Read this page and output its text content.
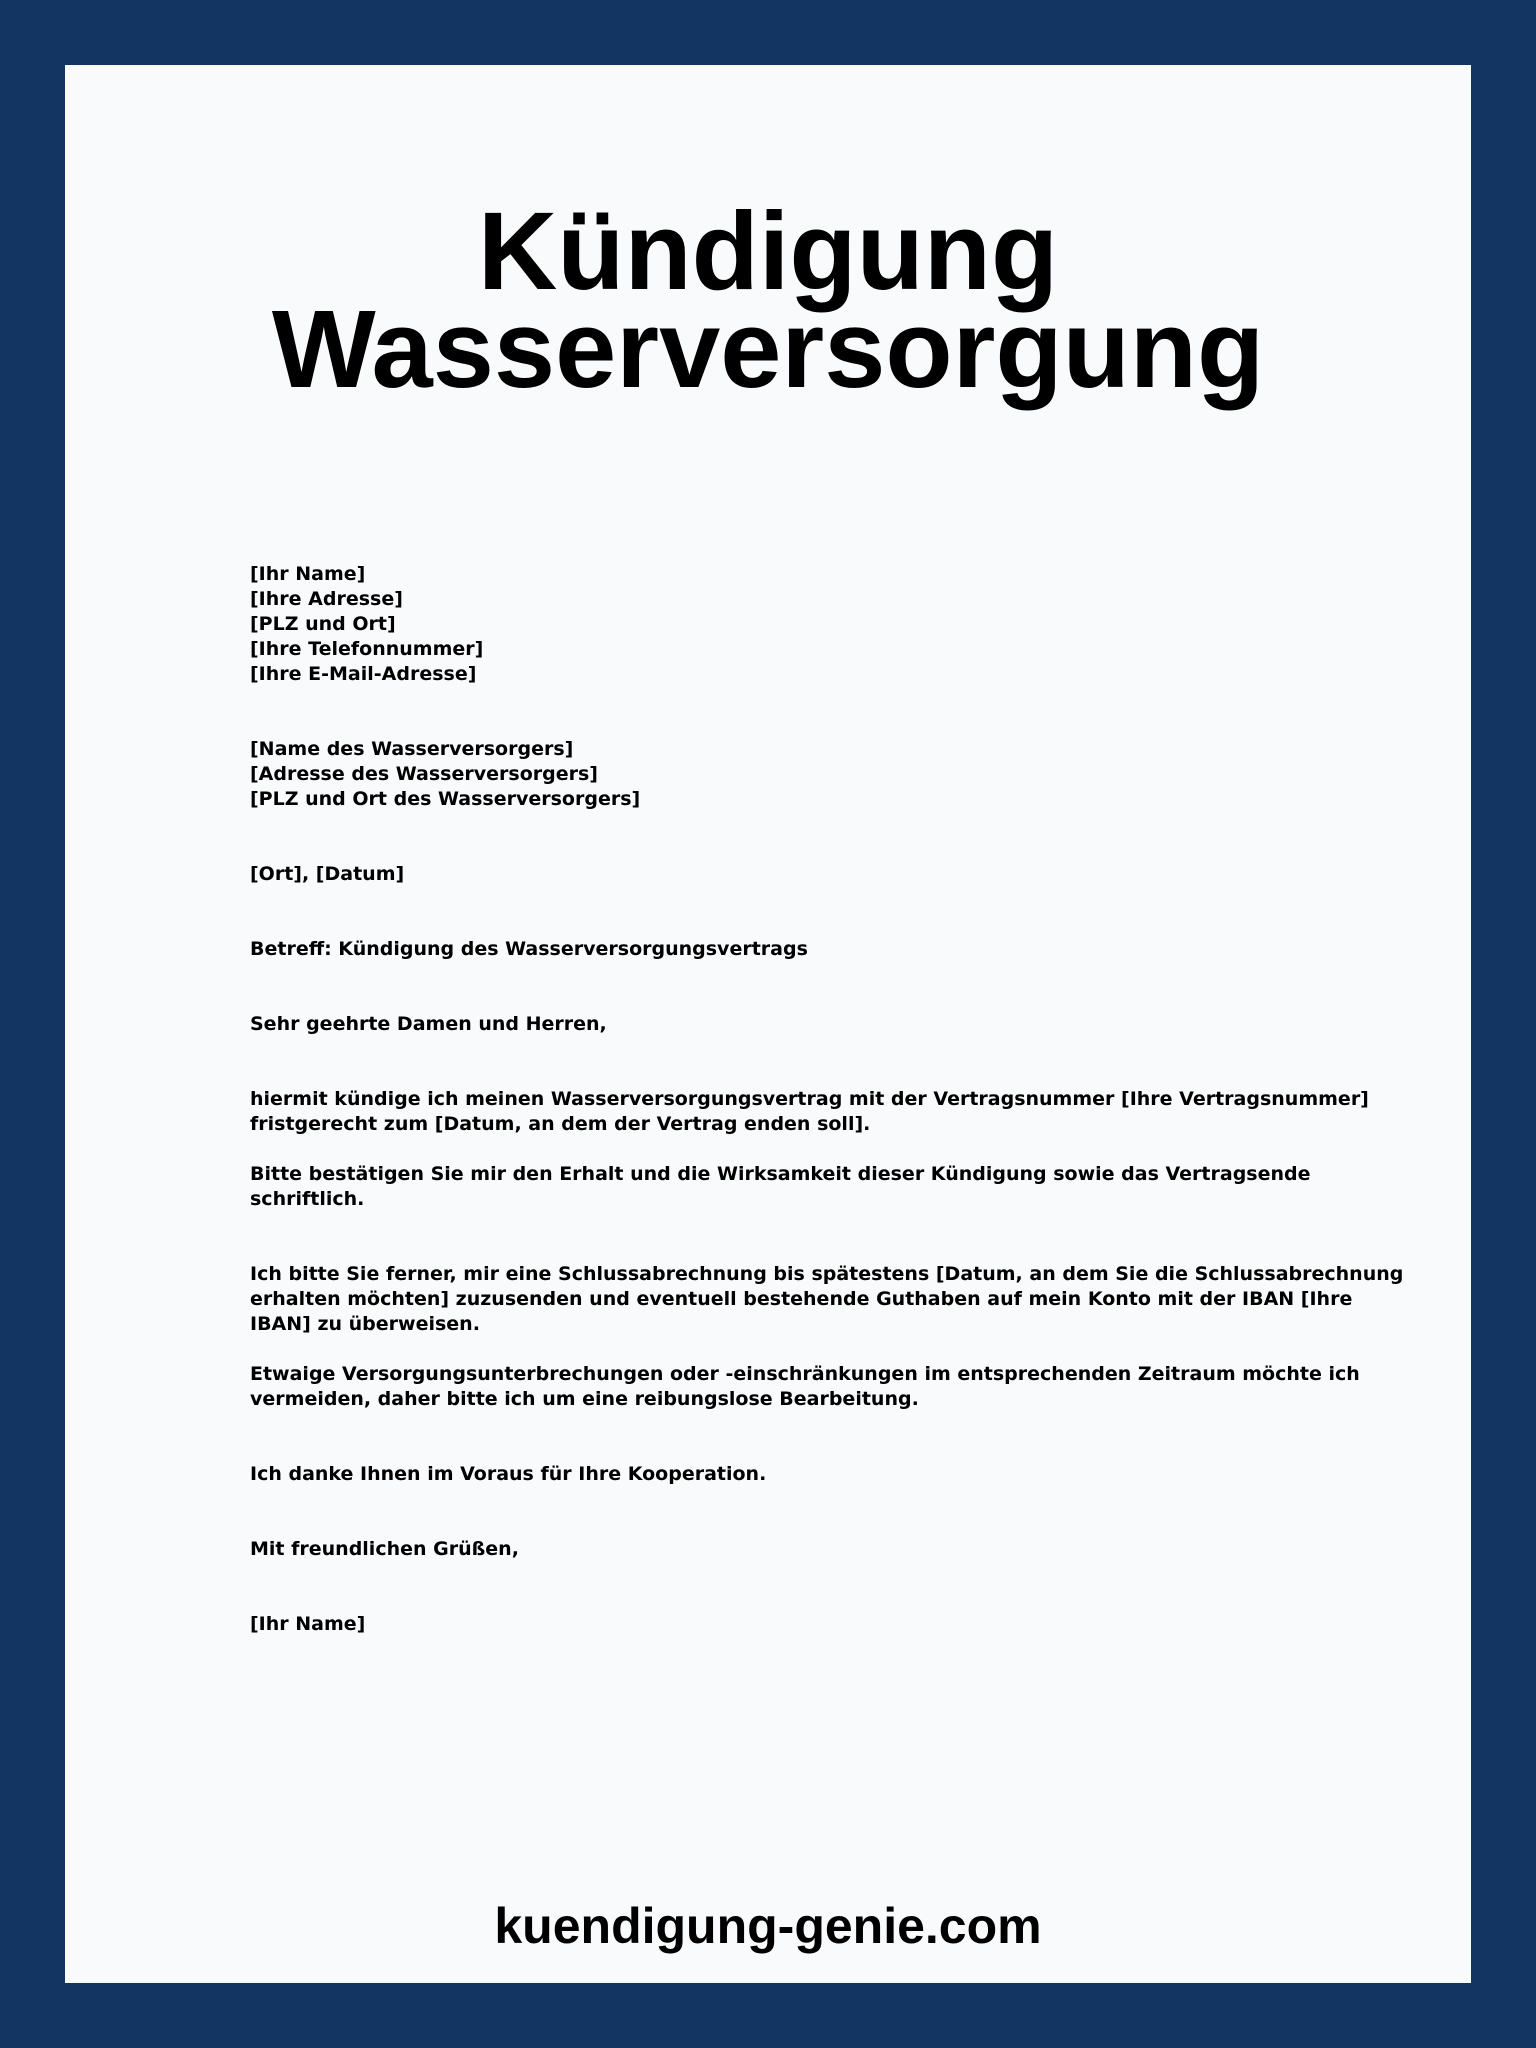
Kündigung
Wasserversorgung
[Ihr Name]
[Ihre Adresse]
[PLZ und Ort]
[Ihre Telefonnummer]
[Ihre E-Mail-Adresse]
[Name des Wasserversorgers]
[Adresse des Wasserversorgers]
[PLZ und Ort des Wasserversorgers]
[Ort], [Datum]
Betreff: Kündigung des Wasserversorgungsvertrags
Sehr geehrte Damen und Herren,
hiermit kündige ich meinen Wasserversorgungsvertrag mit der Vertragsnummer [Ihre Vertragsnummer]
fristgerecht zum [Datum, an dem der Vertrag enden soll].
Bitte bestätigen Sie mir den Erhalt und die Wirksamkeit dieser Kündigung sowie das Vertragsende
schriftlich.
Ich bitte Sie ferner, mir eine Schlussabrechnung bis spätestens [Datum, an dem Sie die Schlussabrechnung
erhalten möchten] zuzusenden und eventuell bestehende Guthaben auf mein Konto mit der IBAN [Ihre
IBAN] zu überweisen.
Etwaige Versorgungsunterbrechungen oder -einschränkungen im entsprechenden Zeitraum möchte ich
vermeiden, daher bitte ich um eine reibungslose Bearbeitung.
Ich danke Ihnen im Voraus für Ihre Kooperation.
Mit freundlichen Grüßen,
[Ihr Name]
kuendigung-genie.com
